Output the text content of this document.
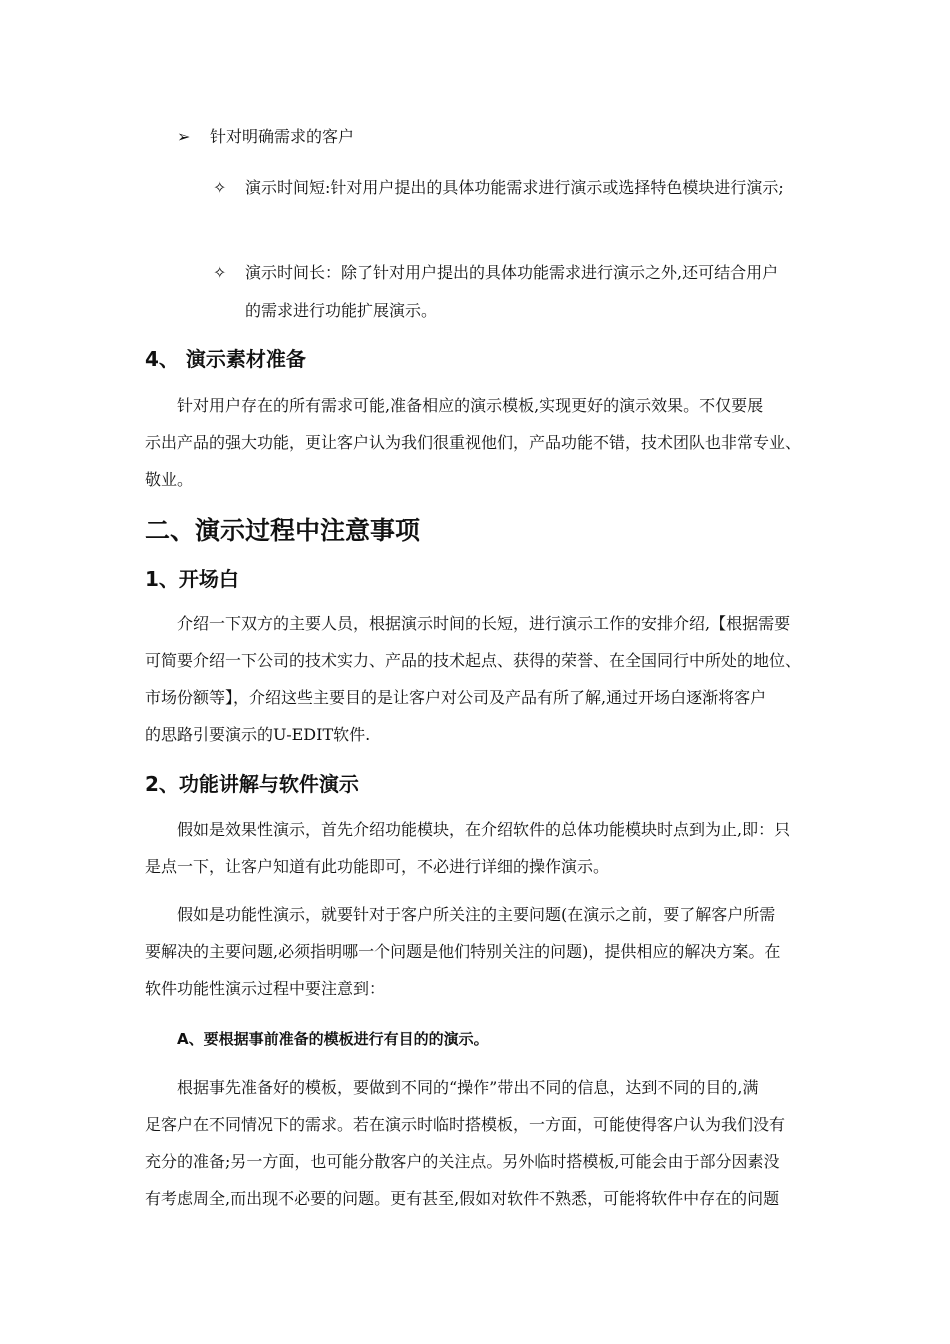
➢ 针对明确需求的客户
✧ 演示时间短:针对用户提出的具体功能需求进行演示或选择特色模块进行演示;
✧ 演示时间长：除了针对用户提出的具体功能需求进行演示之外,还可结合用户
的需求进行功能扩展演示。
4、 演示素材准备
针对用户存在的所有需求可能,准备相应的演示模板,实现更好的演示效果。不仅要展
示出产品的强大功能，更让客户认为我们很重视他们，产品功能不错，技术团队也非常专业、
敬业。
二、演示过程中注意事项
1、开场白
介绍一下双方的主要人员，根据演示时间的长短，进行演示工作的安排介绍,【根据需要
可简要介绍一下公司的技术实力、产品的技术起点、获得的荣誉、在全国同行中所处的地位、
市场份额等】，介绍这些主要目的是让客户对公司及产品有所了解,通过开场白逐渐将客户
的思路引要演示的U-EDIT软件.
2、功能讲解与软件演示
假如是效果性演示，首先介绍功能模块，在介绍软件的总体功能模块时点到为止,即：只
是点一下，让客户知道有此功能即可，不必进行详细的操作演示。
假如是功能性演示，就要针对于客户所关注的主要问题(在演示之前，要了解客户所需
要解决的主要问题,必须指明哪一个问题是他们特别关注的问题)，提供相应的解决方案。在
软件功能性演示过程中要注意到：
A、要根据事前准备的模板进行有目的的演示。
根据事先准备好的模板，要做到不同的“操作”带出不同的信息，达到不同的目的,满
足客户在不同情况下的需求。若在演示时临时搭模板，一方面，可能使得客户认为我们没有
充分的准备;另一方面，也可能分散客户的关注点。另外临时搭模板,可能会由于部分因素没
有考虑周全,而出现不必要的问题。更有甚至,假如对软件不熟悉，可能将软件中存在的问题
